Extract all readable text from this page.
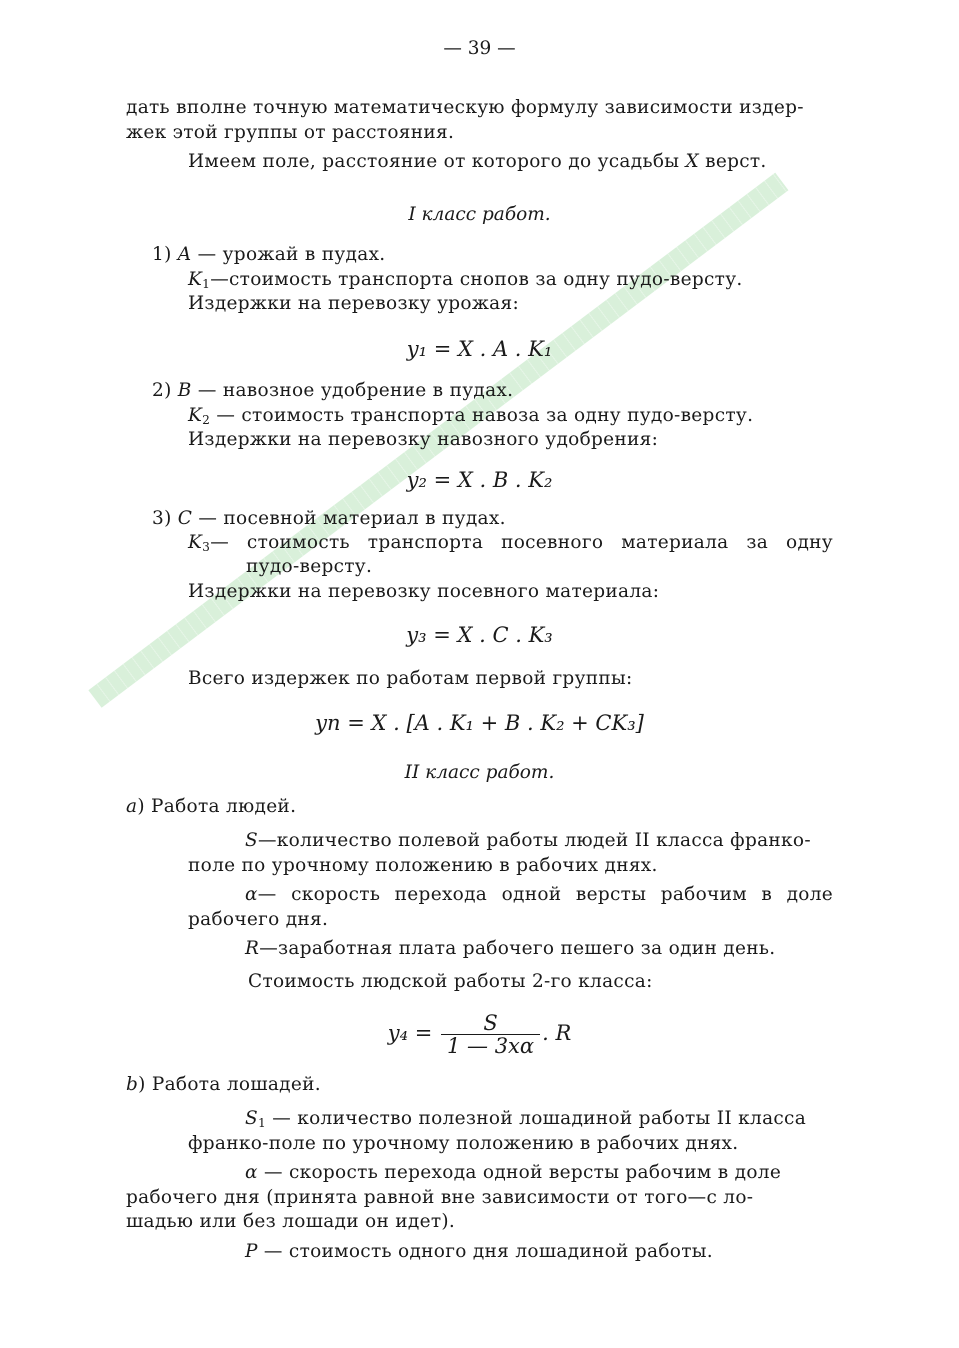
— 39 —
дать вполне точную математическую формулу зависимости издер-
жек этой группы от расстояния.
Имеем поле, расстояние от которого до усадьбы X верст.
I класс работ.
1) A — урожай в пудах.
$K_1—стоимость$ транспорта снопов за одну пудо-версту.
Издержки на перевозку урожая:
y₁ = X . A . K₁
2) B — навозное удобрение в пудах.
$K_2$ — стоимость транспорта навоза за одну пудо-версту.
Издержки на перевозку навозного удобрения:
y₂ = X . B . K₂
3) C — посевной материал в пудах.
$K_3—$ стоимость транспорта посевного материала за одну
пудо-версту.
Издержки на перевозку посевного материала:
y₃ = X . C . K₃
Всего издержек по работам первой группы:
yп = X . [A . K₁ + B . K₂ + CK₃]
II класс работ.
a) Работа людей.
S—количество полевой работы людей II класса франко-
поле по урочному положению в рабочих днях.
α— скорость перехода одной версты рабочим в доле
рабочего дня.
R—заработная плата рабочего пешего за один день.
Стоимость людской работы 2-го класса:
$y_4 = \frac{S}{1 — 3x\alpha}$ . R
b) Работа лошадей.
$S_1$ — количество полезной лошадиной работы II класса
франко-поле по урочному положению в рабочих днях.
α — скорость перехода одной версты рабочим в доле
рабочего дня (принята равной вне зависимости от того—с ло-
шадью или без лошади он идет).
P — стоимость одного дня лошадиной работы.
